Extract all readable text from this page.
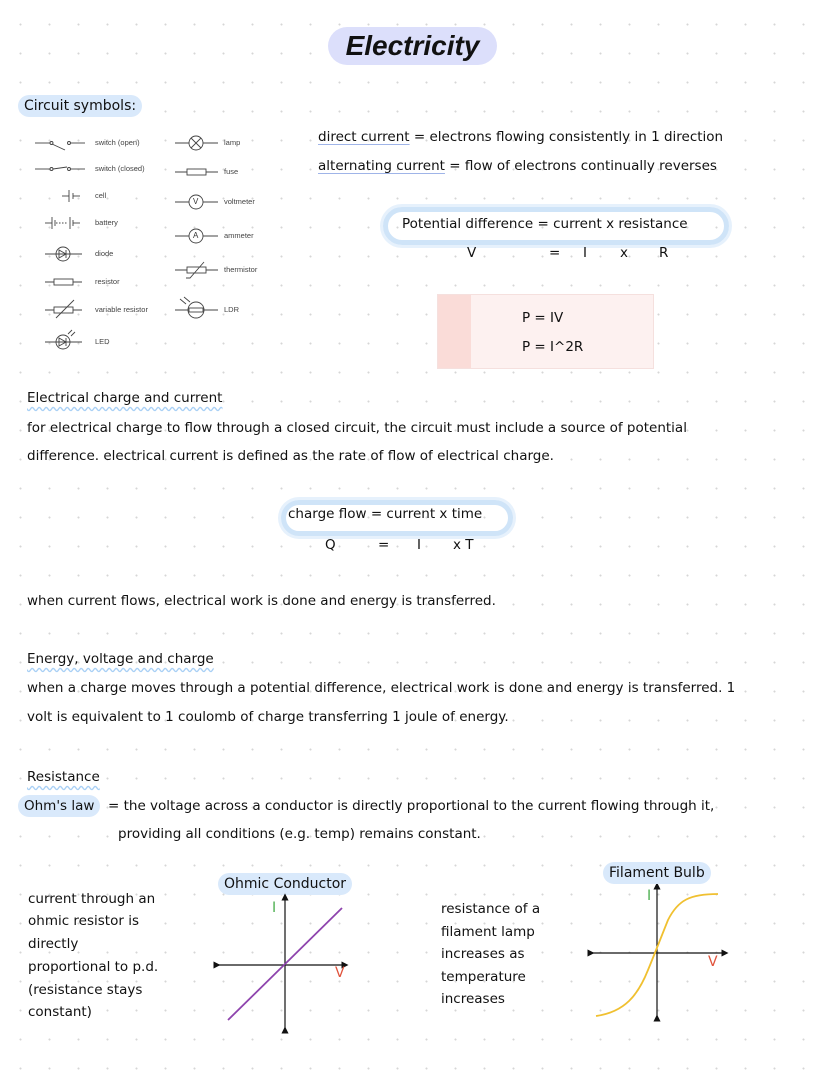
Electricity
Circuit symbols:
V
A
switch (open)
switch (closed)
cell
battery
diode
resistor
variable resistor
LED
lamp
fuse
voltmeter
ammeter
thermistor
LDR
direct current = electrons flowing consistently in 1 direction
alternating current = flow of electrons continually reverses
Potential difference = current x resistance
V	= I x R
P = IV
P = I^2R
Electrical charge and current
for electrical charge to flow through a closed circuit, the circuit must include a source of potential
difference. electrical current is defined as the rate of flow of electrical charge.
charge flow = current x time
Q	= I x T
when current flows, electrical work is done and energy is transferred.
Energy, voltage and charge
when a charge moves through a potential difference, electrical work is done and energy is transferred. 1
volt is equivalent to 1 coulomb of charge transferring 1 joule of energy.
Resistance
Ohm's law	= the voltage across a conductor is directly proportional to the current flowing through it,
providing all conditions (e.g. temp) remains constant.
current through an
ohmic resistor is
directly
proportional to p.d.
(resistance stays
constant)
resistance of a
filament lamp
increases as
temperature
increases
Ohmic Conductor
I
V
Filament Bulb
I
V
